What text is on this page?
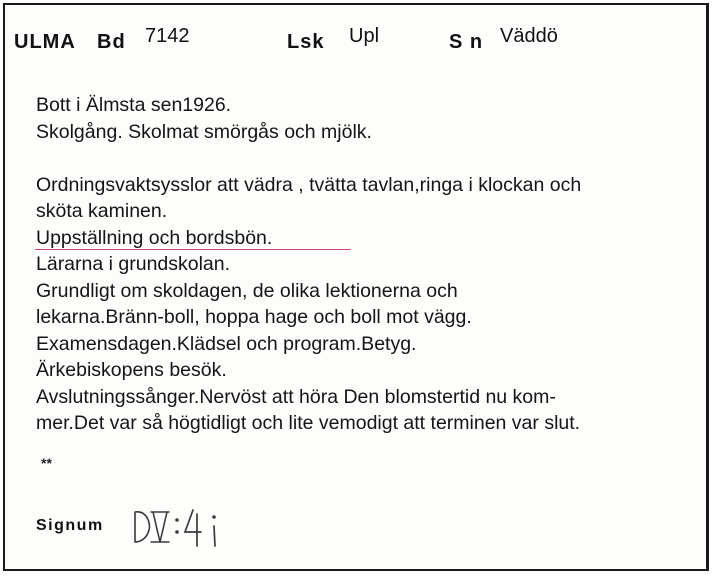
ULMA Bd 7142	Lsk Upl	S n Väddö
Bott i Älmsta sen1926.
Skolgång. Skolmat smörgås och mjölk.
Ordningsvaktsysslor att vädra , tvätta tavlan,ringa i klockan och
sköta kaminen.
Uppställning och bordsbön.
Lärarna i grundskolan.
Grundligt om skoldagen, de olika lektionerna och
lekarna.Bränn-boll, hoppa hage och boll mot vägg.
Examensdagen.Klädsel och program.Betyg.
Ärkebiskopens besök.
Avslutningssånger.Nervöst att höra Den blomstertid nu kom-
mer.Det var så högtidligt och lite vemodigt att terminen var slut.
**
Signum
